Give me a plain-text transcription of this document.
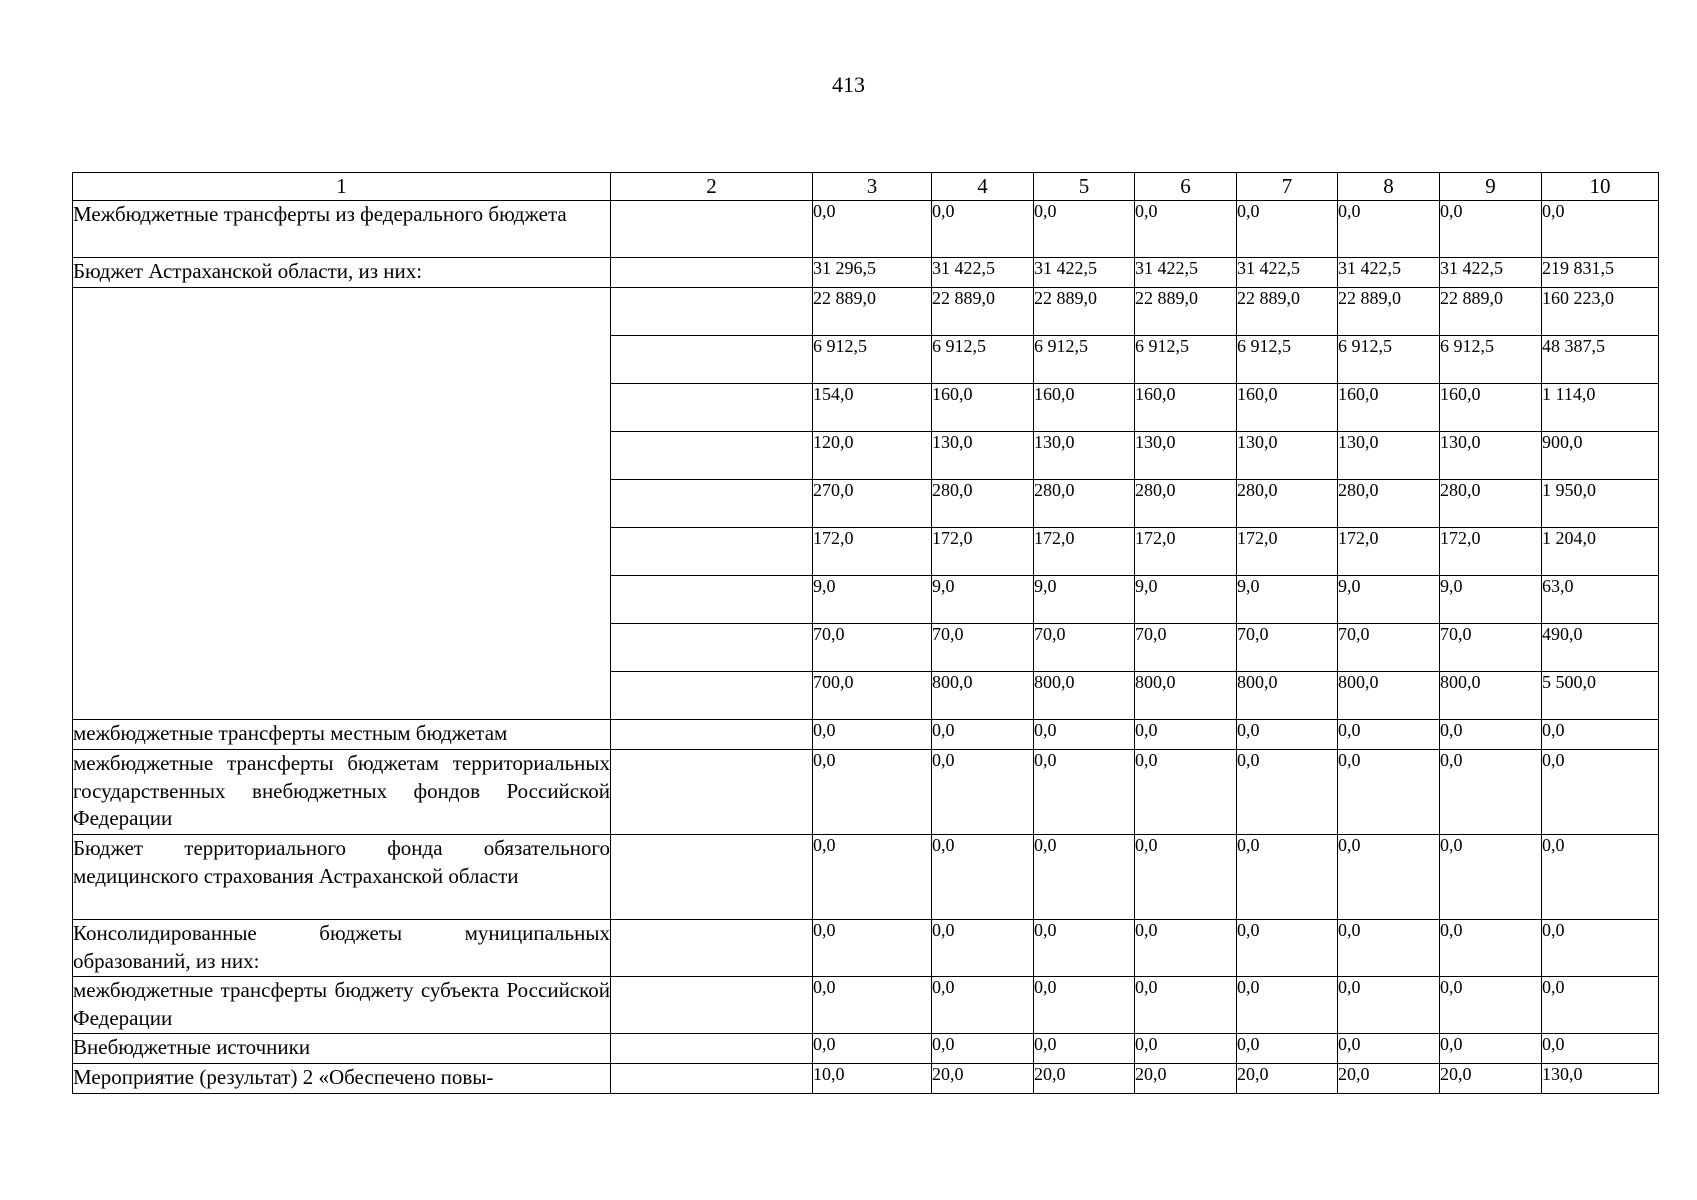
413
1	2	3	4	5	6	7	8	9	10
Межбюджетные трансферты из федерального бюджета		0,0	0,0	0,0	0,0	0,0	0,0	0,0	0,0
Бюджет Астраханской области, из них:		31 296,5	31 422,5	31 422,5	31 422,5	31 422,5	31 422,5	31 422,5	219 831,5
		22 889,0	22 889,0	22 889,0	22 889,0	22 889,0	22 889,0	22 889,0	160 223,0
		6 912,5	6 912,5	6 912,5	6 912,5	6 912,5	6 912,5	6 912,5	48 387,5
		154,0	160,0	160,0	160,0	160,0	160,0	160,0	1 114,0
		120,0	130,0	130,0	130,0	130,0	130,0	130,0	900,0
		270,0	280,0	280,0	280,0	280,0	280,0	280,0	1 950,0
		172,0	172,0	172,0	172,0	172,0	172,0	172,0	1 204,0
		9,0	9,0	9,0	9,0	9,0	9,0	9,0	63,0
		70,0	70,0	70,0	70,0	70,0	70,0	70,0	490,0
		700,0	800,0	800,0	800,0	800,0	800,0	800,0	5 500,0
межбюджетные трансферты местным бюджетам		0,0	0,0	0,0	0,0	0,0	0,0	0,0	0,0
межбюджетные трансферты бюджетам территориальных государственных внебюджетных фондов Российской Федерации		0,0	0,0	0,0	0,0	0,0	0,0	0,0	0,0
Бюджет территориального фонда обязательного медицинского страхования Астраханской области		0,0	0,0	0,0	0,0	0,0	0,0	0,0	0,0
Консолидированные бюджеты муниципальных образований, из них:		0,0	0,0	0,0	0,0	0,0	0,0	0,0	0,0
межбюджетные трансферты бюджету субъекта Российской Федерации		0,0	0,0	0,0	0,0	0,0	0,0	0,0	0,0
Внебюджетные источники		0,0	0,0	0,0	0,0	0,0	0,0	0,0	0,0
Мероприятие (результат) 2 «Обеспечено повы-		10,0	20,0	20,0	20,0	20,0	20,0	20,0	130,0
